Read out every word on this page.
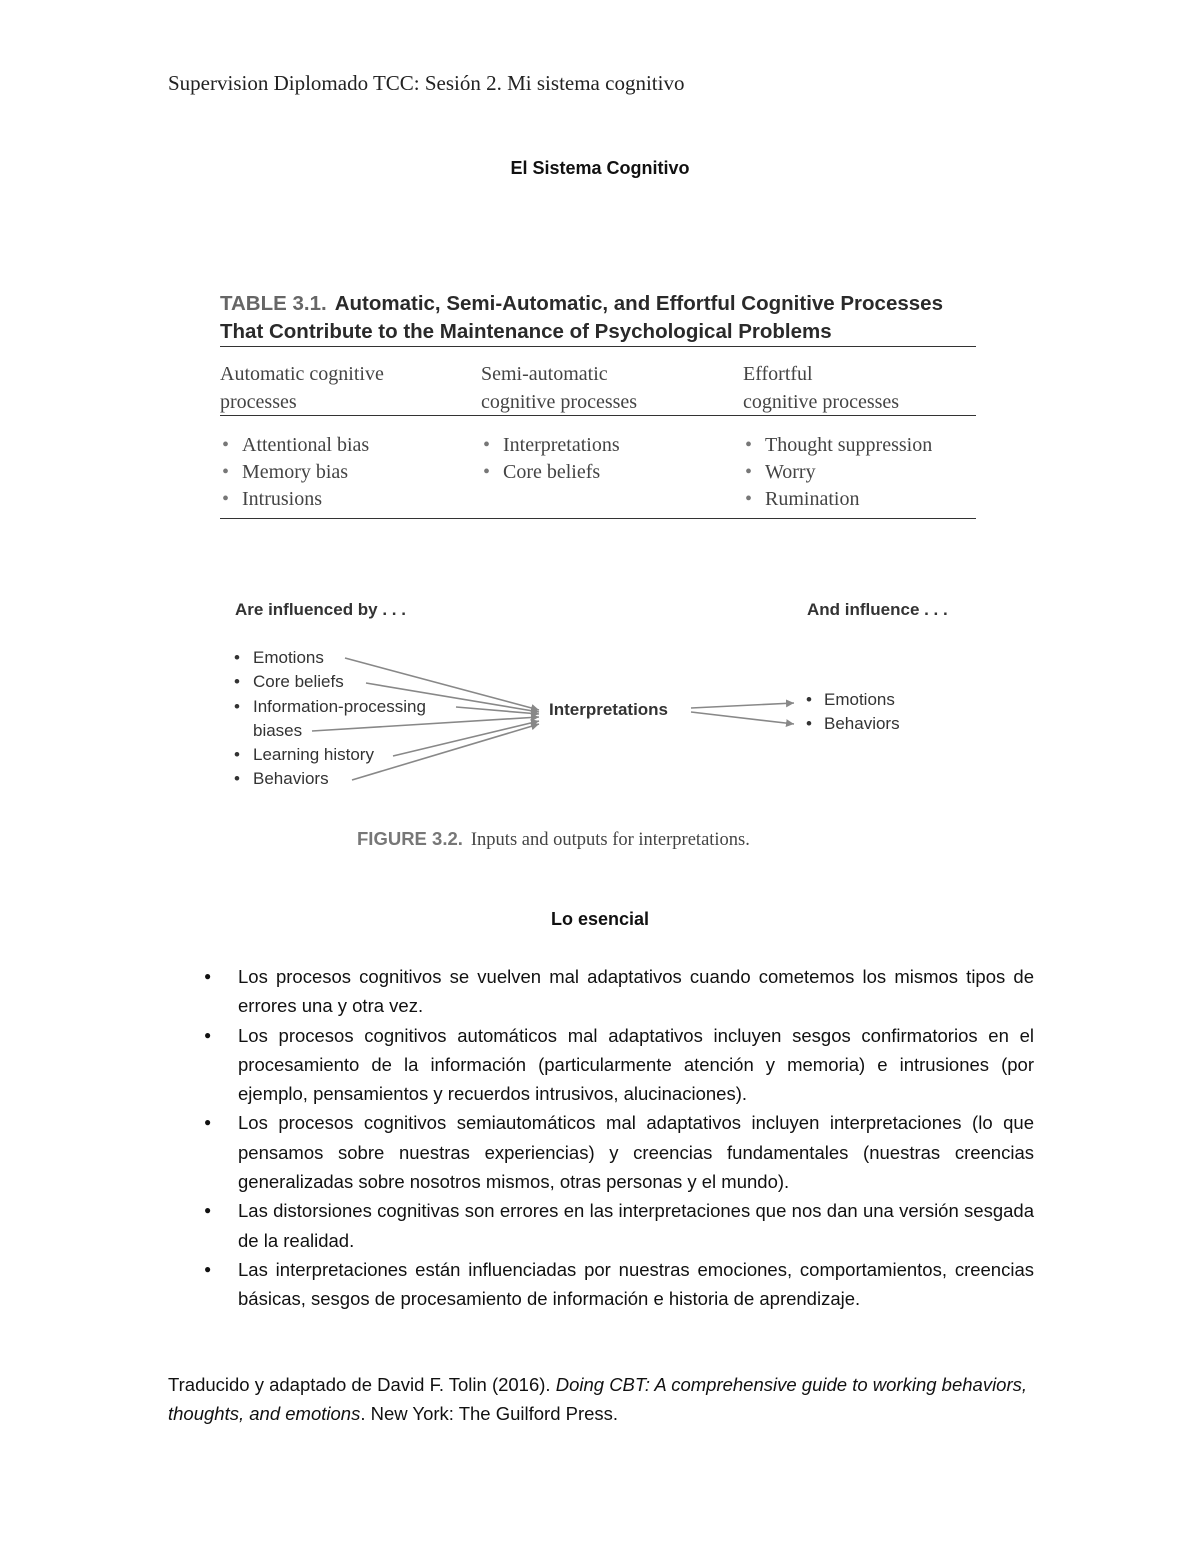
Supervision Diplomado TCC: Sesión 2. Mi sistema cognitivo
El Sistema Cognitivo
TABLE 3.1. Automatic, Semi-Automatic, and Effortful Cognitive Processes
That Contribute to the Maintenance of Psychological Problems
Automatic cognitive
processes
Semi-automatic
cognitive processes
Effortful
cognitive processes
• Attentional bias
• Memory bias
• Intrusions
• Interpretations
• Core beliefs
• Thought suppression
• Worry
• Rumination
Are influenced by . . .	And influence . . .
• Emotions
• Core beliefs
• Information-processing
biases
• Learning history
• Behaviors
Interpretations
• Emotions
• Behaviors
FIGURE 3.2. Inputs and outputs for interpretations.
Lo esencial
● Los procesos cognitivos se vuelven mal adaptativos cuando cometemos los mismos tipos de errores una y otra vez.
● Los procesos cognitivos automáticos mal adaptativos incluyen sesgos confirmatorios en el procesamiento de la información (particularmente atención y memoria) e intrusiones (por ejemplo, pensamientos y recuerdos intrusivos, alucinaciones).
● Los procesos cognitivos semiautomáticos mal adaptativos incluyen interpretaciones (lo que pensamos sobre nuestras experiencias) y creencias fundamentales (nuestras creencias generalizadas sobre nosotros mismos, otras personas y el mundo).
● Las distorsiones cognitivas son errores en las interpretaciones que nos dan una versión sesgada de la realidad.
● Las interpretaciones están influenciadas por nuestras emociones, comportamientos, creencias básicas, sesgos de procesamiento de información e historia de aprendizaje.
Traducido y adaptado de David F. Tolin (2016). Doing CBT: A comprehensive guide to working behaviors, thoughts, and emotions. New York: The Guilford Press.
